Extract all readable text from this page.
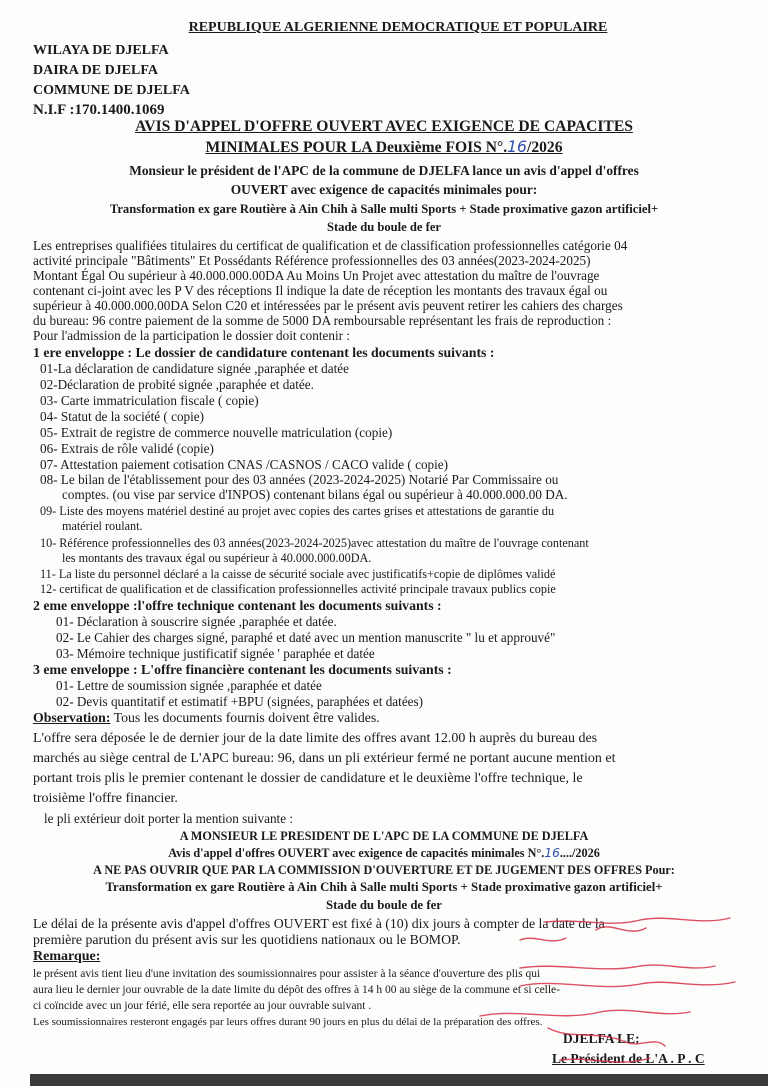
REPUBLIQUE ALGERIENNE DEMOCRATIQUE ET POPULAIRE
WILAYA DE DJELFA
DAIRA DE DJELFA
COMMUNE DE DJELFA
N.I.F :170.1400.1069
AVIS D'APPEL D'OFFRE OUVERT AVEC EXIGENCE DE CAPACITES
MINIMALES POUR LA Deuxième FOIS N°.16/2026
Monsieur le président de l'APC de la commune de DJELFA lance un avis d'appel d'offres
OUVERT avec exigence de capacités minimales pour:
Transformation ex gare Routière à Ain Chih à Salle multi Sports + Stade proximative gazon artificiel+
Stade du boule de fer
Les entreprises qualifiées titulaires du certificat de qualification et de classification professionnelles catégorie 04
activité principale "Bâtiments" Et Possédants Référence professionnelles des 03 années(2023-2024-2025)
Montant Égal Ou supérieur à 40.000.000.00DA Au Moins Un Projet avec attestation du maître de l'ouvrage
contenant ci-joint avec les P V des réceptions Il indique la date de réception les montants des travaux égal ou
supérieur à 40.000.000.00DA Selon C20 et intéressées par le présent avis peuvent retirer les cahiers des charges
du bureau: 96 contre paiement de la somme de 5000 DA remboursable représentant les frais de reproduction :
Pour l'admission de la participation le dossier doit contenir :
1 ere enveloppe : Le dossier de candidature contenant les documents suivants :
01-La déclaration de candidature signée ,paraphée et datée
02-Déclaration de probité signée ,paraphée et datée.
03- Carte immatriculation fiscale ( copie)
04- Statut de la société ( copie)
05- Extrait de registre de commerce nouvelle matriculation (copie)
06- Extrais de rôle validé (copie)
07- Attestation paiement cotisation CNAS /CASNOS / CACO valide ( copie)
08- Le bilan de l'établissement pour des 03 années (2023-2024-2025) Notarié Par Commissaire ou
comptes. (ou vise par service d'INPOS) contenant bilans égal ou supérieur à 40.000.000.00 DA.
09- Liste des moyens matériel destiné au projet avec copies des cartes grises et attestations de garantie du
matériel roulant.
10- Référence professionnelles des 03 années(2023-2024-2025)avec attestation du maître de l'ouvrage contenant
les montants des travaux égal ou supérieur à 40.000.000.00DA.
11- La liste du personnel déclaré a la caisse de sécurité sociale avec justificatifs+copie de diplômes validé
12- certificat de qualification et de classification professionnelles activité principale travaux publics copie
2 eme enveloppe :l'offre technique contenant les documents suivants :
01- Déclaration à souscrire signée ,paraphée et datée.
02- Le Cahier des charges signé, paraphé et daté avec un mention manuscrite " lu et approuvé"
03- Mémoire technique justificatif signée ' paraphée et datée
3 eme enveloppe : L'offre financière contenant les documents suivants :
01- Lettre de soumission signée ,paraphée et datée
02- Devis quantitatif et estimatif +BPU (signées, paraphées et datées)
Observation: Tous les documents fournis doivent être valides.
L'offre sera déposée le de dernier jour de la date limite des offres avant 12.00 h auprès du bureau des
marchés au siège central de L'APC bureau: 96, dans un pli extérieur fermé ne portant aucune mention et
portant trois plis le premier contenant le dossier de candidature et le deuxième l'offre technique, le
troisième l'offre financier.
le pli extérieur doit porter la mention suivante :
A MONSIEUR LE PRESIDENT DE L'APC DE LA COMMUNE DE DJELFA
Avis d'appel d'offres OUVERT avec exigence de capacités minimales N°.16..../2026
A NE PAS OUVRIR QUE PAR LA COMMISSION D'OUVERTURE ET DE JUGEMENT DES OFFRES Pour:
Transformation ex gare Routière à Ain Chih à Salle multi Sports + Stade proximative gazon artificiel+
Stade du boule de fer
Le délai de la présente avis d'appel d'offres OUVERT est fixé à (10) dix jours à compter de la date de la
première parution du présent avis sur les quotidiens nationaux ou le BOMOP.
Remarque:
le présent avis tient lieu d'une invitation des soumissionnaires pour assister à la séance d'ouverture des plis qui
aura lieu le dernier jour ouvrable de la date limite du dépôt des offres à 14 h 00 au siège de la commune et si celle-
ci coïncide avec un jour férié, elle sera reportée au jour ouvrable suivant .
Les soumissionnaires resteront engagés par leurs offres durant 90 jours en plus du délai de la préparation des offres.
DJELFA LE:
Le Président de L'A . P . C
